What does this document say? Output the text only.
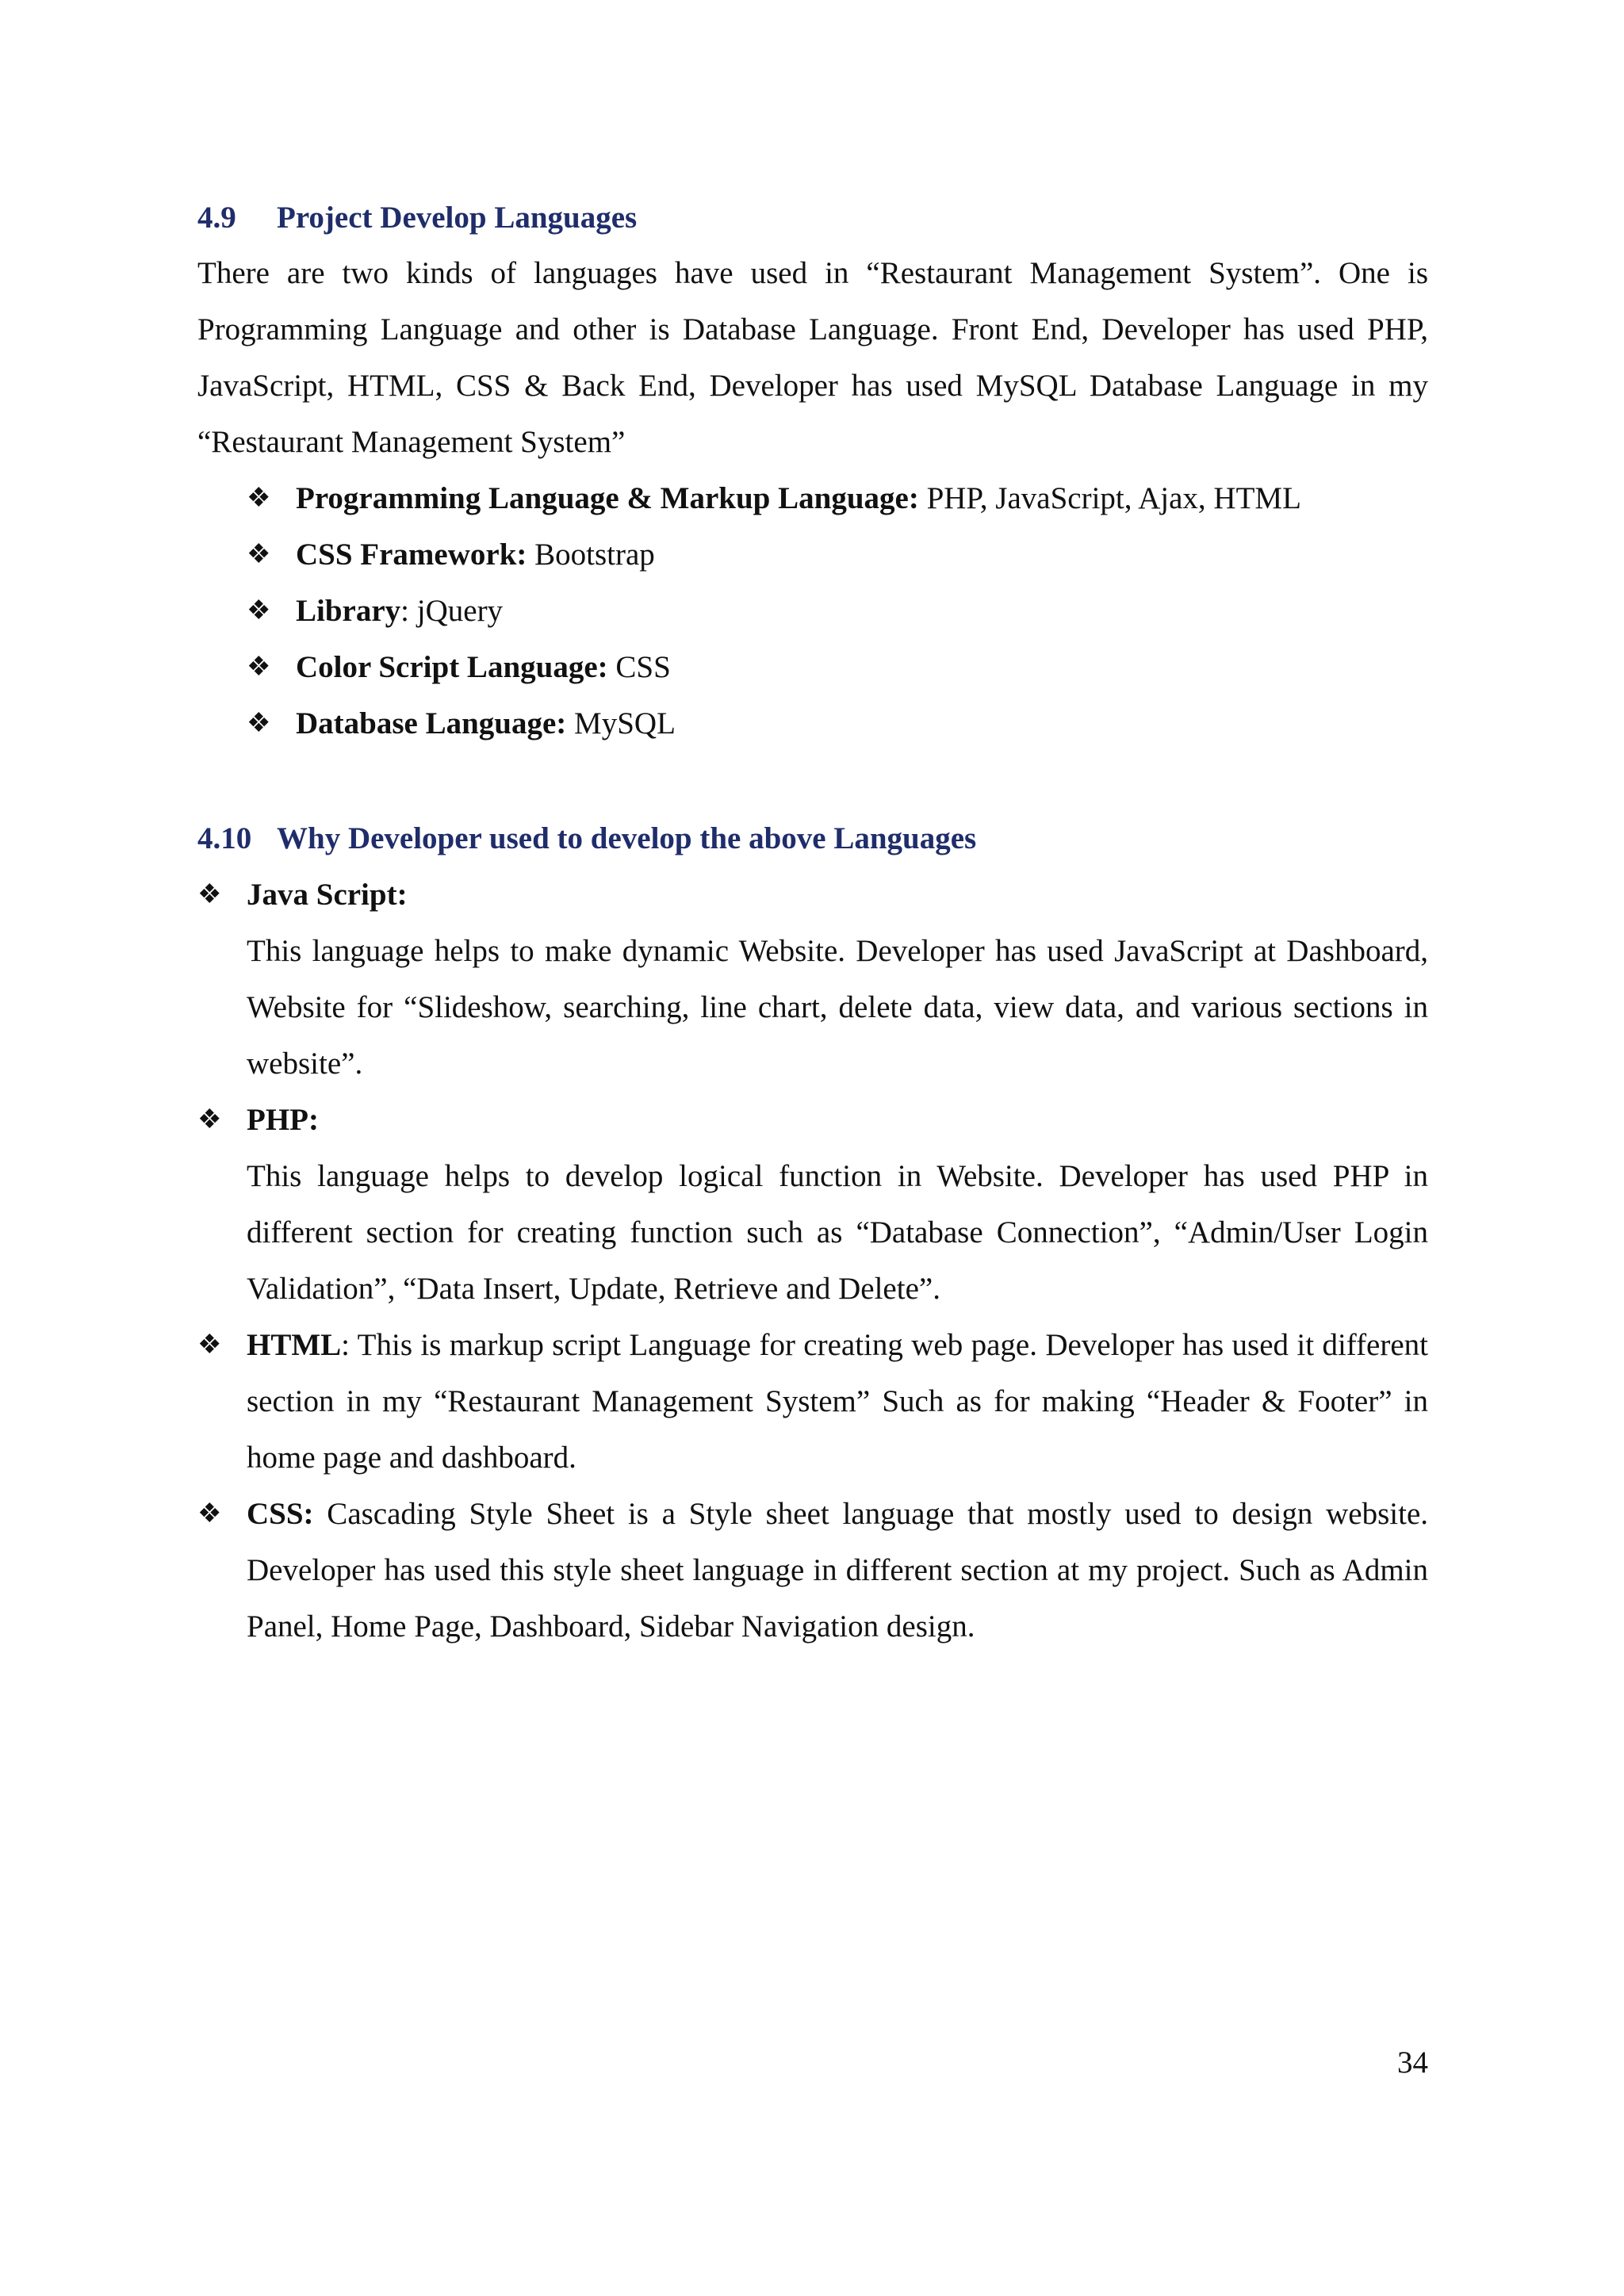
4.9 Project Develop Languages

There are two kinds of languages have used in “Restaurant Management System”. One is Programming Language and other is Database Language. Front End, Developer has used PHP, JavaScript, HTML, CSS & Back End, Developer has used MySQL Database Language in my “Restaurant Management System”

❖ Programming Language & Markup Language: PHP, JavaScript, Ajax, HTML
❖ CSS Framework: Bootstrap
❖ Library: jQuery
❖ Color Script Language: CSS
❖ Database Language: MySQL
4.10 Why Developer used to develop the above Languages
❖ Java Script:
This language helps to make dynamic Website. Developer has used JavaScript at Dashboard, Website for “Slideshow, searching, line chart, delete data, view data, and various sections in website”.
❖ PHP:
This language helps to develop logical function in Website. Developer has used PHP in different section for creating function such as “Database Connection”, “Admin/User Login Validation”, “Data Insert, Update, Retrieve and Delete”.
❖ HTML: This is markup script Language for creating web page. Developer has used it different section in my “Restaurant Management System” Such as for making “Header & Footer” in home page and dashboard.
❖ CSS: Cascading Style Sheet is a Style sheet language that mostly used to design website. Developer has used this style sheet language in different section at my project. Such as Admin Panel, Home Page, Dashboard, Sidebar Navigation design.
34
